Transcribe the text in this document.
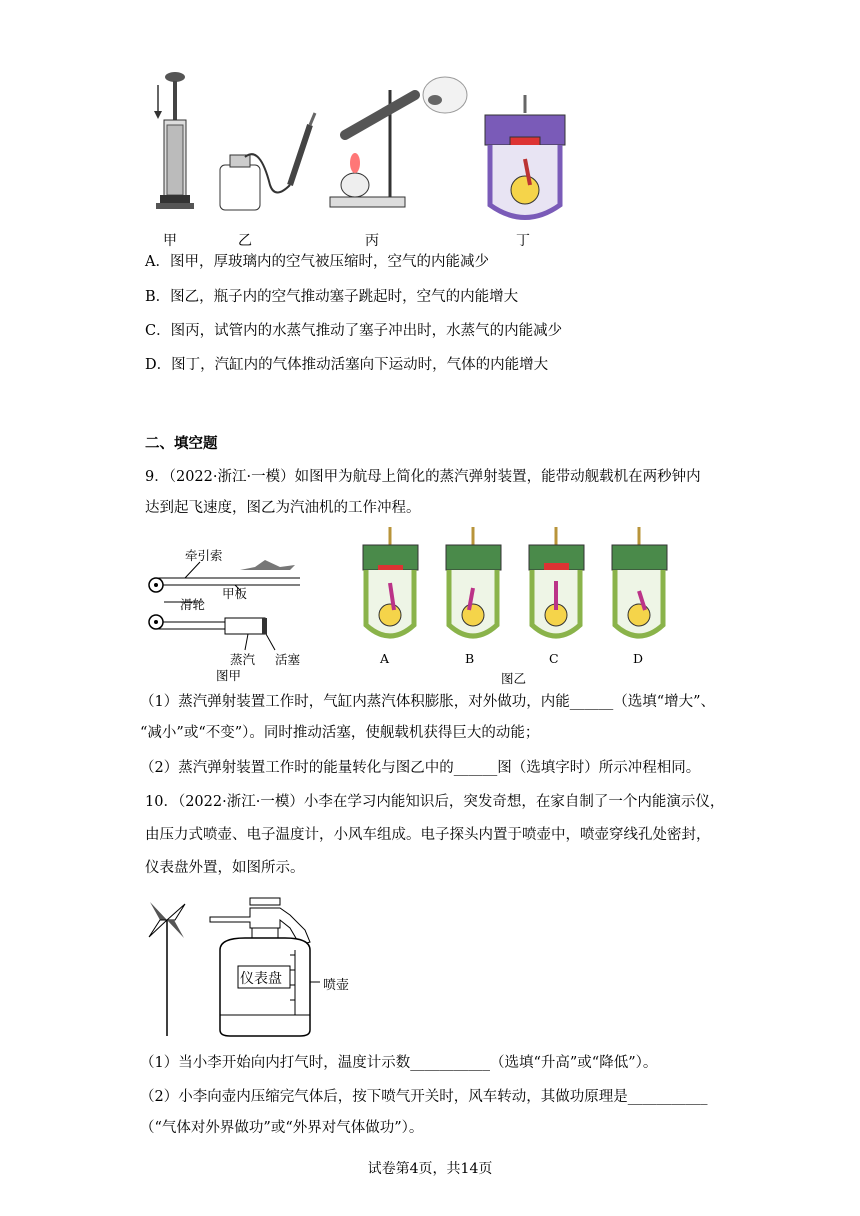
甲	乙	丙	丁
A．图甲，厚玻璃内的空气被压缩时，空气的内能减少
B．图乙，瓶子内的空气推动塞子跳起时，空气的内能增大
C．图丙，试管内的水蒸气推动了塞子冲出时，水蒸气的内能减少
D．图丁，汽缸内的气体推动活塞向下运动时，气体的内能增大
二、填空题
9．（2022·浙江·一模）如图甲为航母上简化的蒸汽弹射装置，能带动舰载机在两秒钟内
达到起飞速度，图乙为汽油机的工作冲程。
牵引索
滑轮
甲板
蒸汽 活塞
图甲
A	B	C	D
图乙
（1）蒸汽弹射装置工作时，气缸内蒸汽体积膨胀，对外做功，内能______（选填“增大”、
“减小”或“不变”）。同时推动活塞，使舰载机获得巨大的动能；
（2）蒸汽弹射装置工作时的能量转化与图乙中的______图（选填字时）所示冲程相同。
10．（2022·浙江·一模）小李在学习内能知识后，突发奇想，在家自制了一个内能演示仪，
由压力式喷壶、电子温度计，小风车组成。电子探头内置于喷壶中，喷壶穿线孔处密封，
仪表盘外置，如图所示。
仪表盘	喷壶
（1）当小李开始向内打气时，温度计示数___________（选填“升高”或“降低”）。
（2）小李向壶内压缩完气体后，按下喷气开关时，风车转动，其做功原理是___________
（“气体对外界做功”或“外界对气体做功”）。
试卷第4页，共14页
